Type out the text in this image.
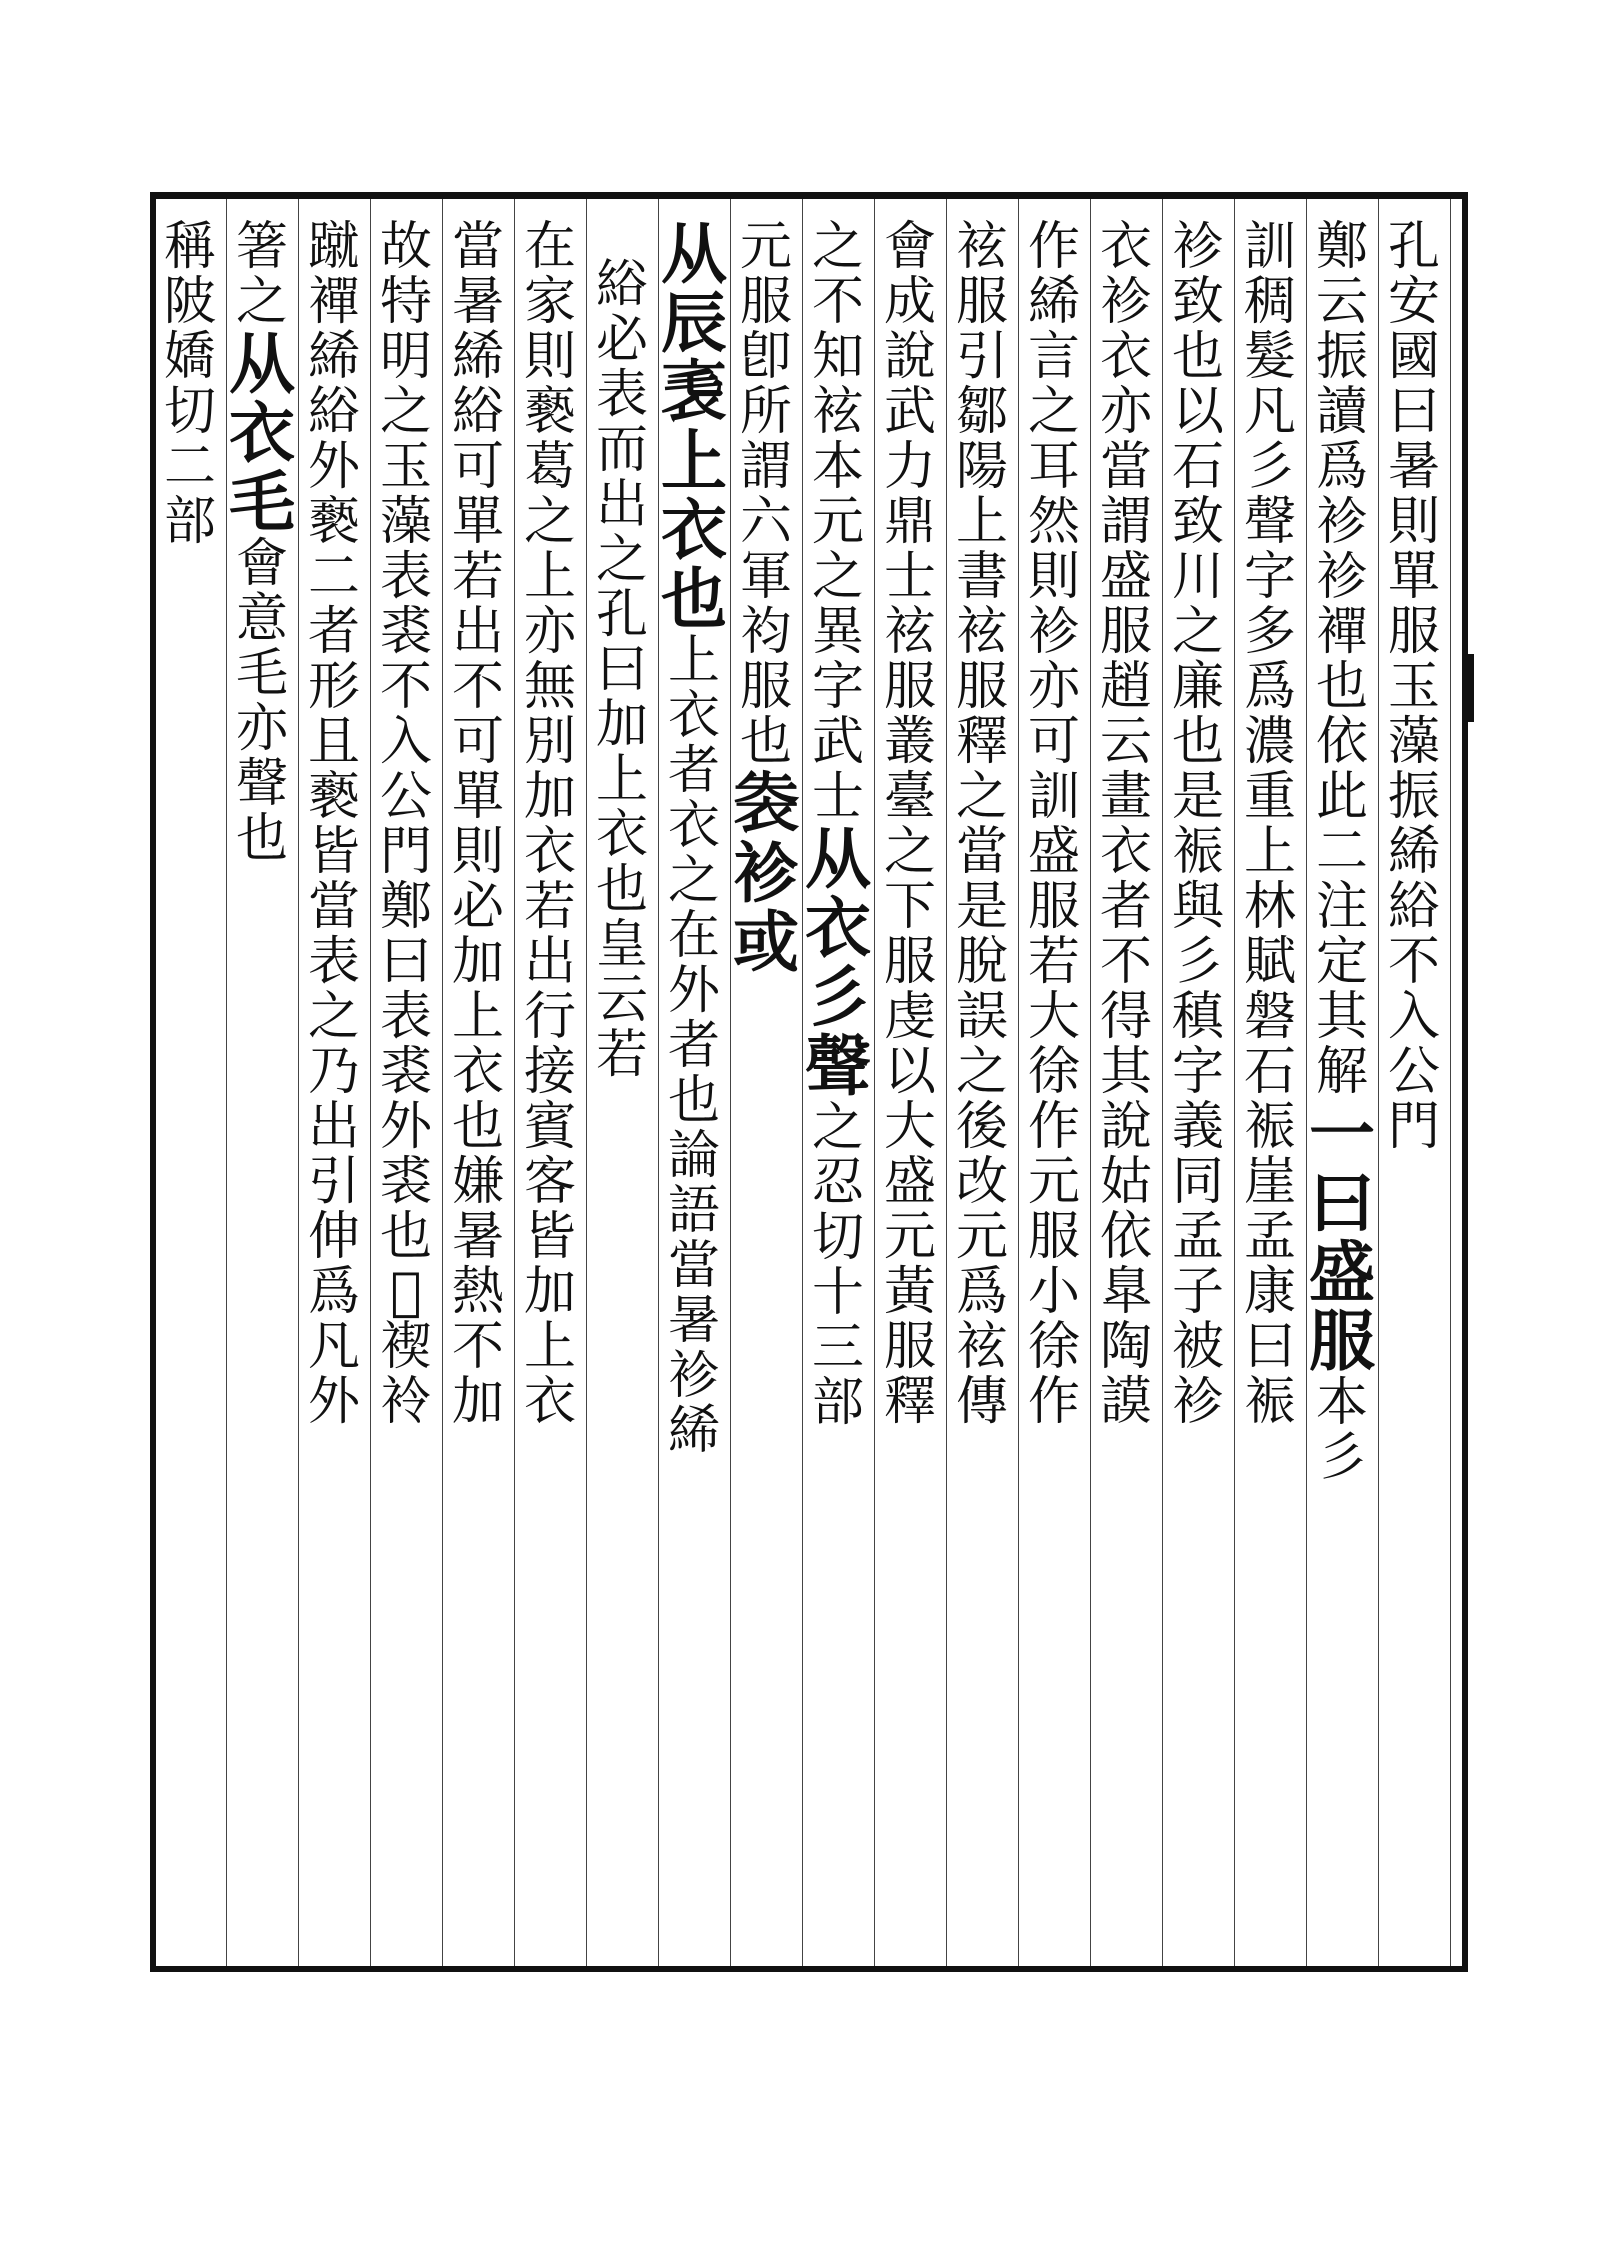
孔
安
國
曰
暑
則
單
服
玉
藻
振
絺
綌
不
入
公
門
鄭
云
振
讀
爲
袗
袗
襌
也
依
此
二
注
定
其
解
一
曰
盛
服
本
彡
訓
稠
髮
凡
彡
聲
字
多
爲
濃
重
上
林
賦
磐
石
裖
崖
孟
康
曰
裖
袗
致
也
以
石
致
川
之
廉
也
是
裖
與
彡
稹
字
義
同
孟
子
被
袗
衣
袗
衣
亦
當
謂
盛
服
趙
云
畫
衣
者
不
得
其
說
姑
依
臯
陶
謨
作
絺
言
之
耳
然
則
袗
亦
可
訓
盛
服
若
大
徐
作
元
服
小
徐
作
袨
服
引
鄒
陽
上
書
袨
服
釋
之
當
是
脫
誤
之
後
改
元
爲
袨
傳
會
成
說
武
力
鼎
士
袨
服
叢
臺
之
下
服
虔
以
大
盛
元
黃
服
釋
之
不
知
袨
本
元
之
異
字
武
士
从
衣
彡
聲
之
忍
切
十
三
部
元
服
卽
所
謂
六
軍
袀
服
也
𧙍
袗
或
从
辰
𧘝
上
衣
也
上
衣
者
衣
之
在
外
者
也
論
語
當
暑
袗
絺
綌
必
表
而
出
之
孔
曰
加
上
衣
也
皇
云
若
在
家
則
褻
葛
之
上
亦
無
別
加
衣
若
出
行
接
賓
客
皆
加
上
衣
當
暑
絺
綌
可
單
若
出
不
可
單
則
必
加
上
衣
也
嫌
暑
熱
不
加
故
特
明
之
玉
藻
表
裘
不
入
公
門
鄭
曰
表
裘
外
裘
也
𢂈
褉
袊
蹴
襌
絺
綌
外
褻
二
者
形
且
褻
皆
當
表
之
乃
出
引
伸
爲
凡
外
箸
之
从
衣
毛
會
意
毛
亦
聲
也
稱
陂
嬌
切
二
部
